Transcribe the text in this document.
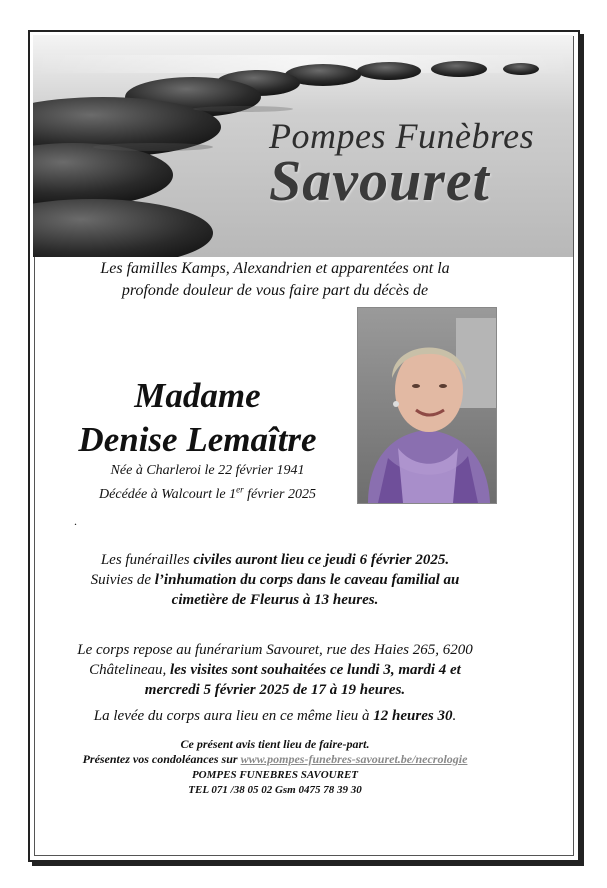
Pompes Funèbres
Savouret
Les familles Kamps, Alexandrien et apparentées ont la
profonde douleur de vous faire part du décès de
Madame
Denise Lemaître
Née à Charleroi le 22 février 1941
Décédée à Walcourt le 1er février 2025
.
Les funérailles civiles auront lieu ce jeudi 6 février 2025.
Suivies de l’inhumation du corps dans le caveau familial au
cimetière de Fleurus à 13 heures.
Le corps repose au funérarium Savouret, rue des Haies 265, 6200
Châtelineau, les visites sont souhaitées ce lundi 3, mardi 4 et
mercredi 5 février 2025 de 17 à 19 heures.
La levée du corps aura lieu en ce même lieu à 12 heures 30.
Ce présent avis tient lieu de faire-part.
Présentez vos condoléances sur www.pompes-funebres-savouret.be/necrologie
POMPES FUNEBRES SAVOURET
TEL 071 /38 05 02 Gsm 0475 78 39 30
